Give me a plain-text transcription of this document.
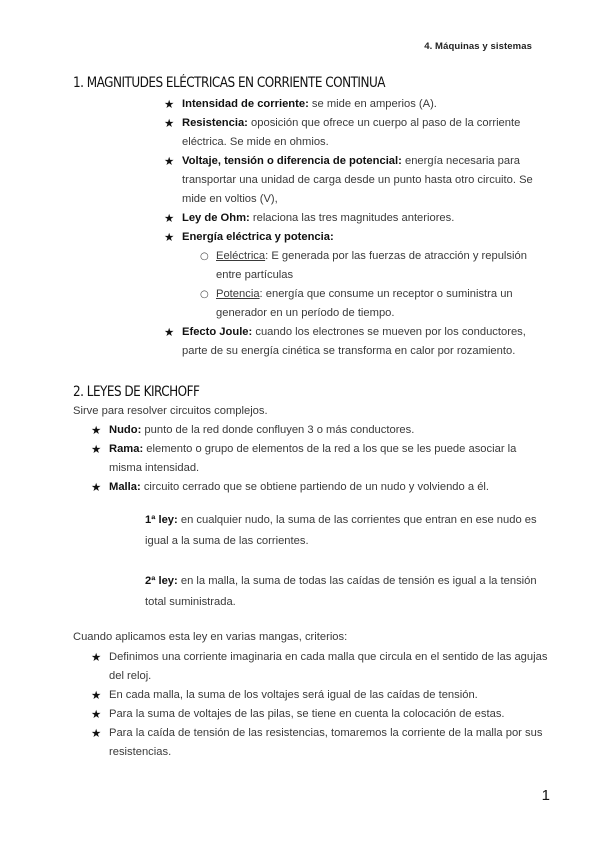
4. Máquinas y sistemas
1. MAGNITUDES ELÉCTRICAS EN CORRIENTE CONTINUA
★ Intensidad de corriente: se mide en amperios (A).
★ Resistencia: oposición que ofrece un cuerpo al paso de la corriente eléctrica. Se mide en ohmios.
★ Voltaje, tensión o diferencia de potencial: energía necesaria para transportar una unidad de carga desde un punto hasta otro circuito. Se mide en voltios (V),
★ Ley de Ohm: relaciona las tres magnitudes anteriores.
★ Energía eléctrica y potencia:
○ Eeléctrica: E generada por las fuerzas de atracción y repulsión entre partículas
○ Potencia: energía que consume un receptor o suministra un generador en un período de tiempo.
★ Efecto Joule: cuando los electrones se mueven por los conductores, parte de su energía cinética se transforma en calor por rozamiento.
2. LEYES DE KIRCHOFF
Sirve para resolver circuitos complejos.
★ Nudo: punto de la red donde confluyen 3 o más conductores.
★ Rama: elemento o grupo de elementos de la red a los que se les puede asociar la misma intensidad.
★ Malla: circuito cerrado que se obtiene partiendo de un nudo y volviendo a él.
1ª ley: en cualquier nudo, la suma de las corrientes que entran en ese nudo es igual a la suma de las corrientes.
2ª ley: en la malla, la suma de todas las caídas de tensión es igual a la tensión total suministrada.
Cuando aplicamos esta ley en varias mangas, criterios:
★ Definimos una corriente imaginaria en cada malla que circula en el sentido de las agujas del reloj.
★ En cada malla, la suma de los voltajes será igual de las caídas de tensión.
★ Para la suma de voltajes de las pilas, se tiene en cuenta la colocación de estas.
★ Para la caída de tensión de las resistencias, tomaremos la corriente de la malla por sus resistencias.
1
